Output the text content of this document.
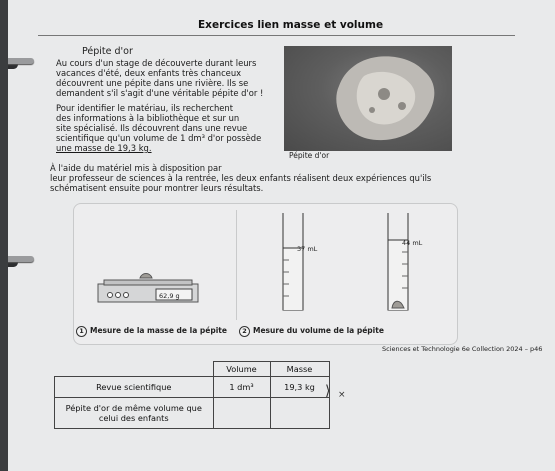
Exercices lien masse et volume
Pépite d'or
Au cours d'un stage de découverte durant leurs
vacances d'été, deux enfants très chanceux
découvrent une pépite dans une rivière. Ils se
demandent s'il s'agit d'une véritable pépite d'or !
Pour identifier le matériau, ils recherchent
des informations à la bibliothèque et sur un
site spécialisé. Ils découvrent dans une revue
scientifique qu'un volume de 1 dm³ d'or possède
une masse de 19,3 kg.
À l'aide du matériel mis à disposition par
leur professeur de sciences à la rentrée, les deux enfants réalisent deux expériences qu'ils
schématisent ensuite pour montrer leurs résultats.
Pépite d'or
62,9 g
37 mL
44 mL
1 Mesure de la masse de la pépite	2 Mesure du volume de la pépite
Sciences et Technologie 6e Collection 2024 – p46
	Volume	Masse
Revue scientifique	1 dm³	19,3 kg
Pépite d'or de même volume que celui des enfants		
⟩ ×
